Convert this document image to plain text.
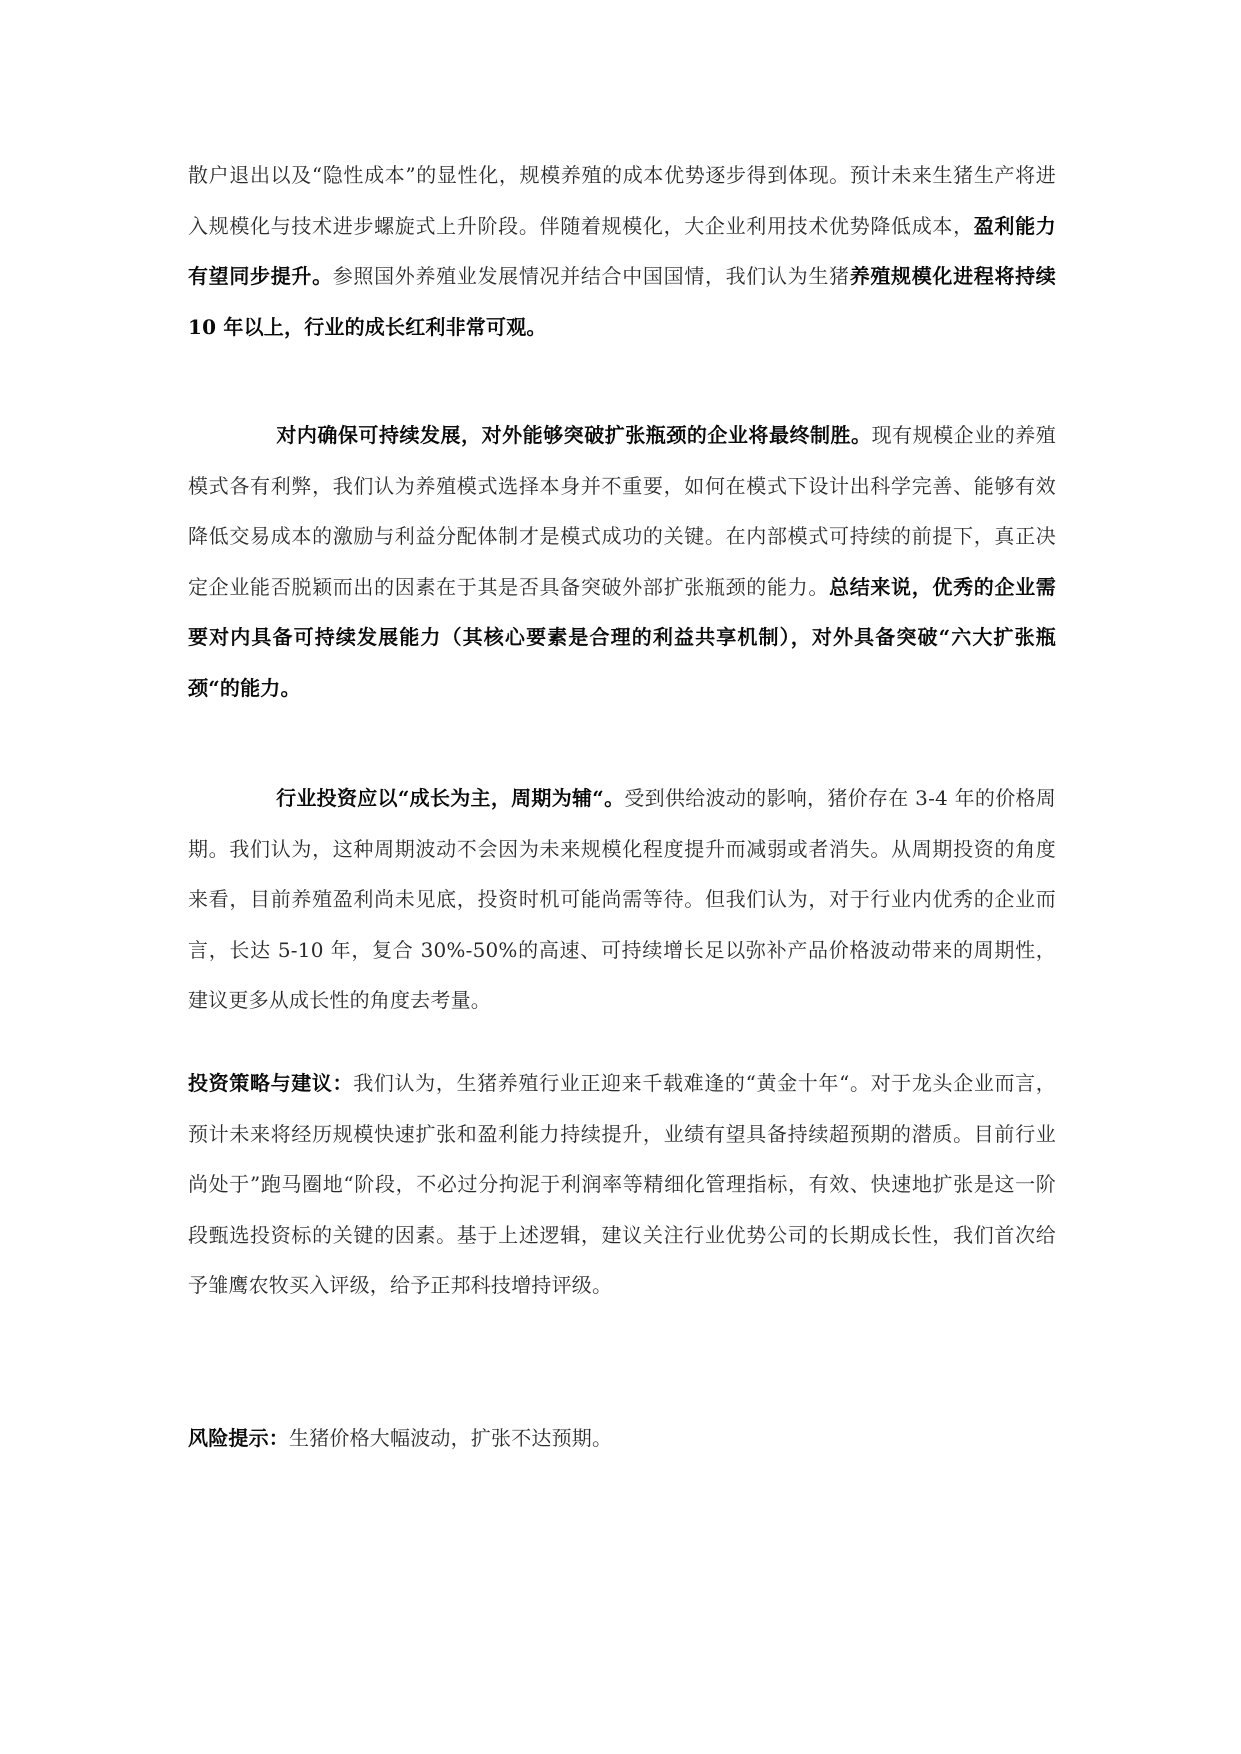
散户退出以及“隐性成本”的显性化，规模养殖的成本优势逐步得到体现。预计未来生猪生产将进入规模化与技术进步螺旋式上升阶段。伴随着规模化，大企业利用技术优势降低成本，盈利能力有望同步提升。参照国外养殖业发展情况并结合中国国情，我们认为生猪养殖规模化进程将持续 10 年以上，行业的成长红利非常可观。

对内确保可持续发展，对外能够突破扩张瓶颈的企业将最终制胜。现有规模企业的养殖模式各有利弊，我们认为养殖模式选择本身并不重要，如何在模式下设计出科学完善、能够有效降低交易成本的激励与利益分配体制才是模式成功的关键。在内部模式可持续的前提下，真正决定企业能否脱颖而出的因素在于其是否具备突破外部扩张瓶颈的能力。总结来说，优秀的企业需要对内具备可持续发展能力（其核心要素是合理的利益共享机制），对外具备突破“六大扩张瓶颈“的能力。

行业投资应以“成长为主，周期为辅“。受到供给波动的影响，猪价存在 3-4 年的价格周期。我们认为，这种周期波动不会因为未来规模化程度提升而减弱或者消失。从周期投资的角度来看，目前养殖盈利尚未见底，投资时机可能尚需等待。但我们认为，对于行业内优秀的企业而言，长达 5-10 年，复合 30%-50%的高速、可持续增长足以弥补产品价格波动带来的周期性，建议更多从成长性的角度去考量。

投资策略与建议：我们认为，生猪养殖行业正迎来千载难逢的“黄金十年“。对于龙头企业而言，预计未来将经历规模快速扩张和盈利能力持续提升，业绩有望具备持续超预期的潜质。目前行业尚处于”跑马圈地“阶段，不必过分拘泥于利润率等精细化管理指标，有效、快速地扩张是这一阶段甄选投资标的关键的因素。基于上述逻辑，建议关注行业优势公司的长期成长性，我们首次给予雏鹰农牧买入评级，给予正邦科技增持评级。

风险提示：生猪价格大幅波动，扩张不达预期。
